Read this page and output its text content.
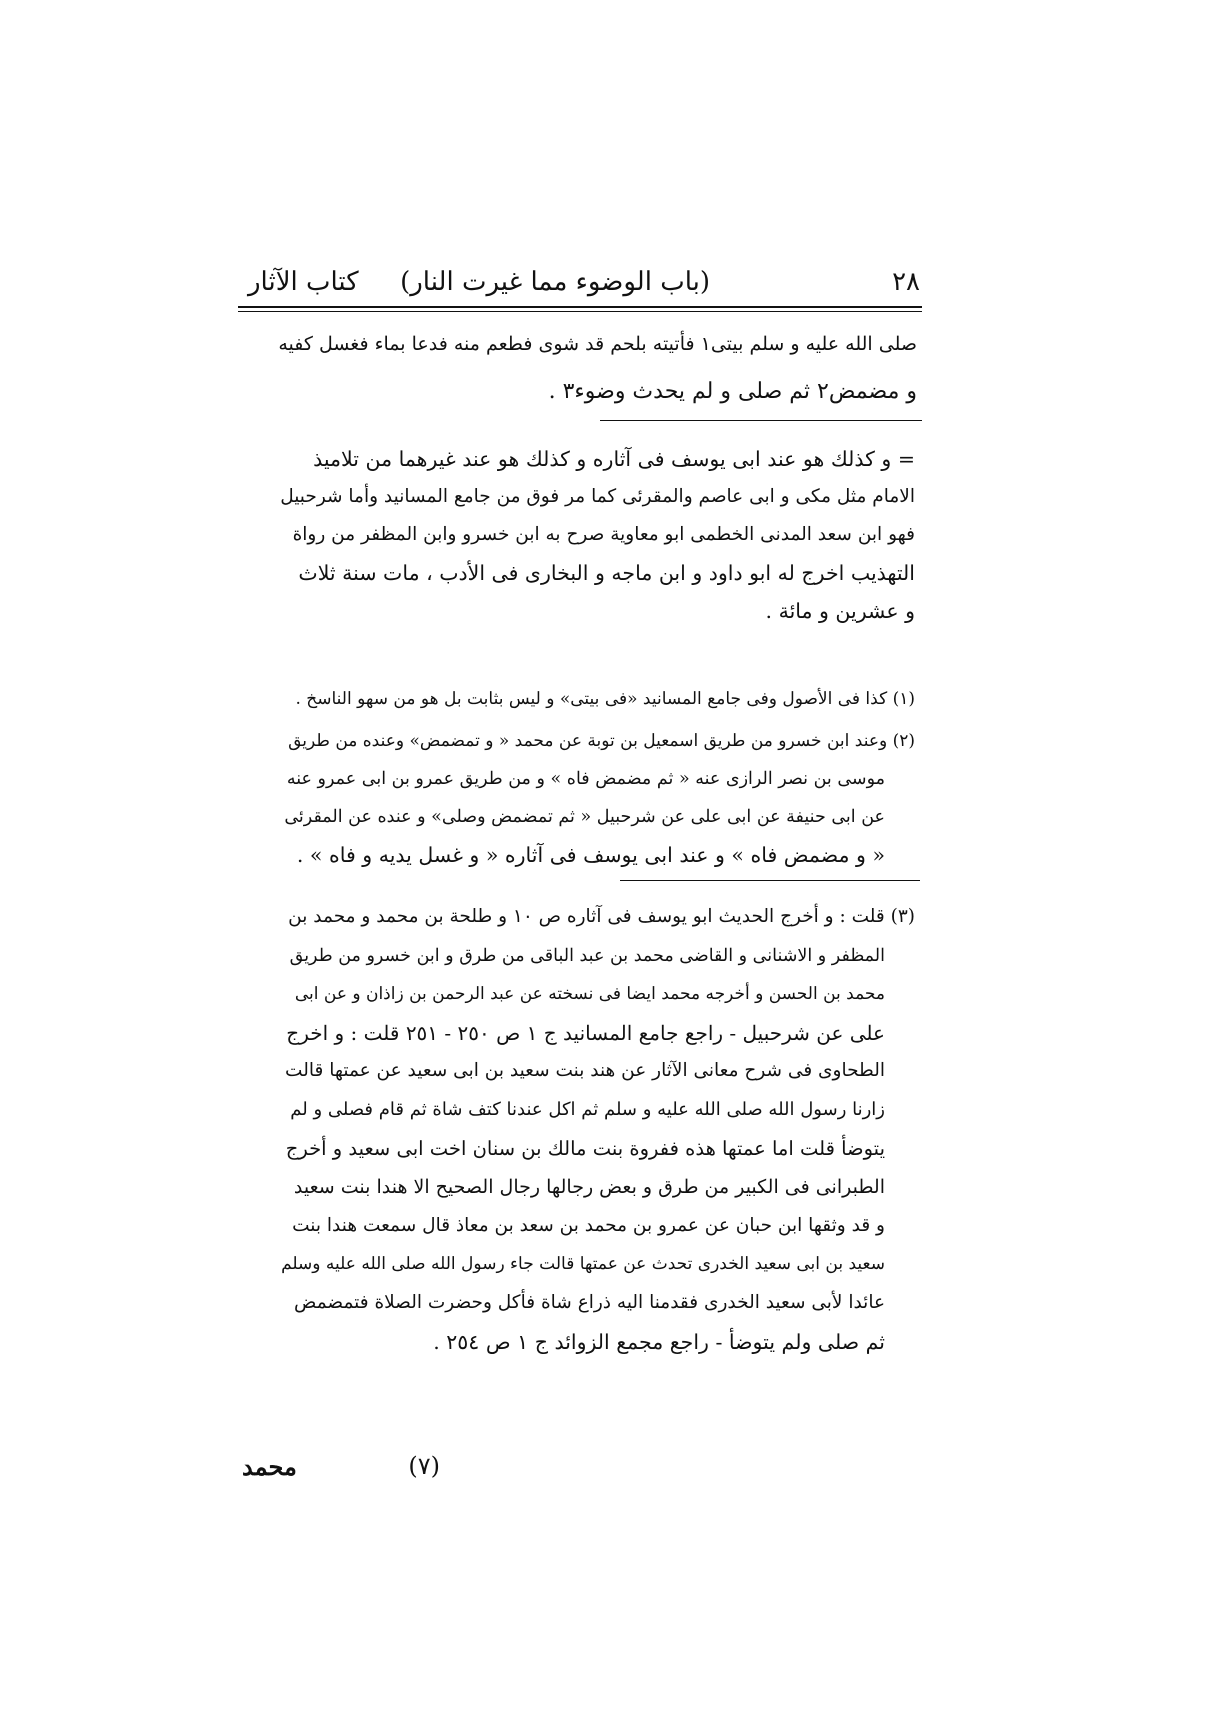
٢٨
(باب الوضوء مما غيرت النار)
كتاب الآثار
صلى الله عليه و سلم بيتى١ فأتيته بلحم قد شوى فطعم منه فدعا بماء فغسل كفيه
و مضمض٢ ثم صلى و لم يحدث وضوء٣ .
= و كذلك هو عند ابى يوسف فى آثاره و كذلك هو عند غيرهما من تلاميذ
الامام مثل مكى و ابى عاصم والمقرئى كما مر فوق من جامع المسانيد وأما شرحبيل
فهو ابن سعد المدنى الخطمى ابو معاوية صرح به ابن خسرو وابن المظفر من رواة
التهذيب اخرج له ابو داود و ابن ماجه و البخارى فى الأدب ، مات سنة ثلاث
و عشرين و مائة .
(١) كذا فى الأصول وفى جامع المسانيد «فى بيتى» و ليس بثابت بل هو من سهو الناسخ .
(٢) وعند ابن خسرو من طريق اسمعيل بن توبة عن محمد « و تمضمض» وعنده من طريق
موسى بن نصر الرازى عنه « ثم مضمض فاه » و من طريق عمرو بن ابى عمرو عنه
عن ابى حنيفة عن ابى على عن شرحبيل « ثم تمضمض وصلى» و عنده عن المقرئى
« و مضمض فاه » و عند ابى يوسف فى آثاره « و غسل يديه و فاه » .
(٣) قلت : و أخرج الحديث ابو يوسف فى آثاره ص ١٠ و طلحة بن محمد و محمد بن
المظفر و الاشنانى و القاضى محمد بن عبد الباقى من طرق و ابن خسرو من طريق
محمد بن الحسن و أخرجه محمد ايضا فى نسخته عن عبد الرحمن بن زاذان و عن ابى
على عن شرحبيل - راجع جامع المسانيد ج ١ ص ٢٥٠ - ٢٥١ قلت : و اخرج
الطحاوى فى شرح معانى الآثار عن هند بنت سعيد بن ابى سعيد عن عمتها قالت
زارنا رسول الله صلى الله عليه و سلم ثم اكل عندنا كتف شاة ثم قام فصلى و لم
يتوضأ قلت اما عمتها هذه ففروة بنت مالك بن سنان اخت ابى سعيد و أخرج
الطبرانى فى الكبير من طرق و بعض رجالها رجال الصحيح الا هندا بنت سعيد
و قد وثقها ابن حبان عن عمرو بن محمد بن سعد بن معاذ قال سمعت هندا بنت
سعيد بن ابى سعيد الخدرى تحدث عن عمتها قالت جاء رسول الله صلى الله عليه وسلم
عائدا لأبى سعيد الخدرى فقدمنا اليه ذراع شاة فأكل وحضرت الصلاة فتمضمض
ثم صلى ولم يتوضأ - راجع مجمع الزوائد ج ١ ص ٢٥٤ .
(٧)
محمد
